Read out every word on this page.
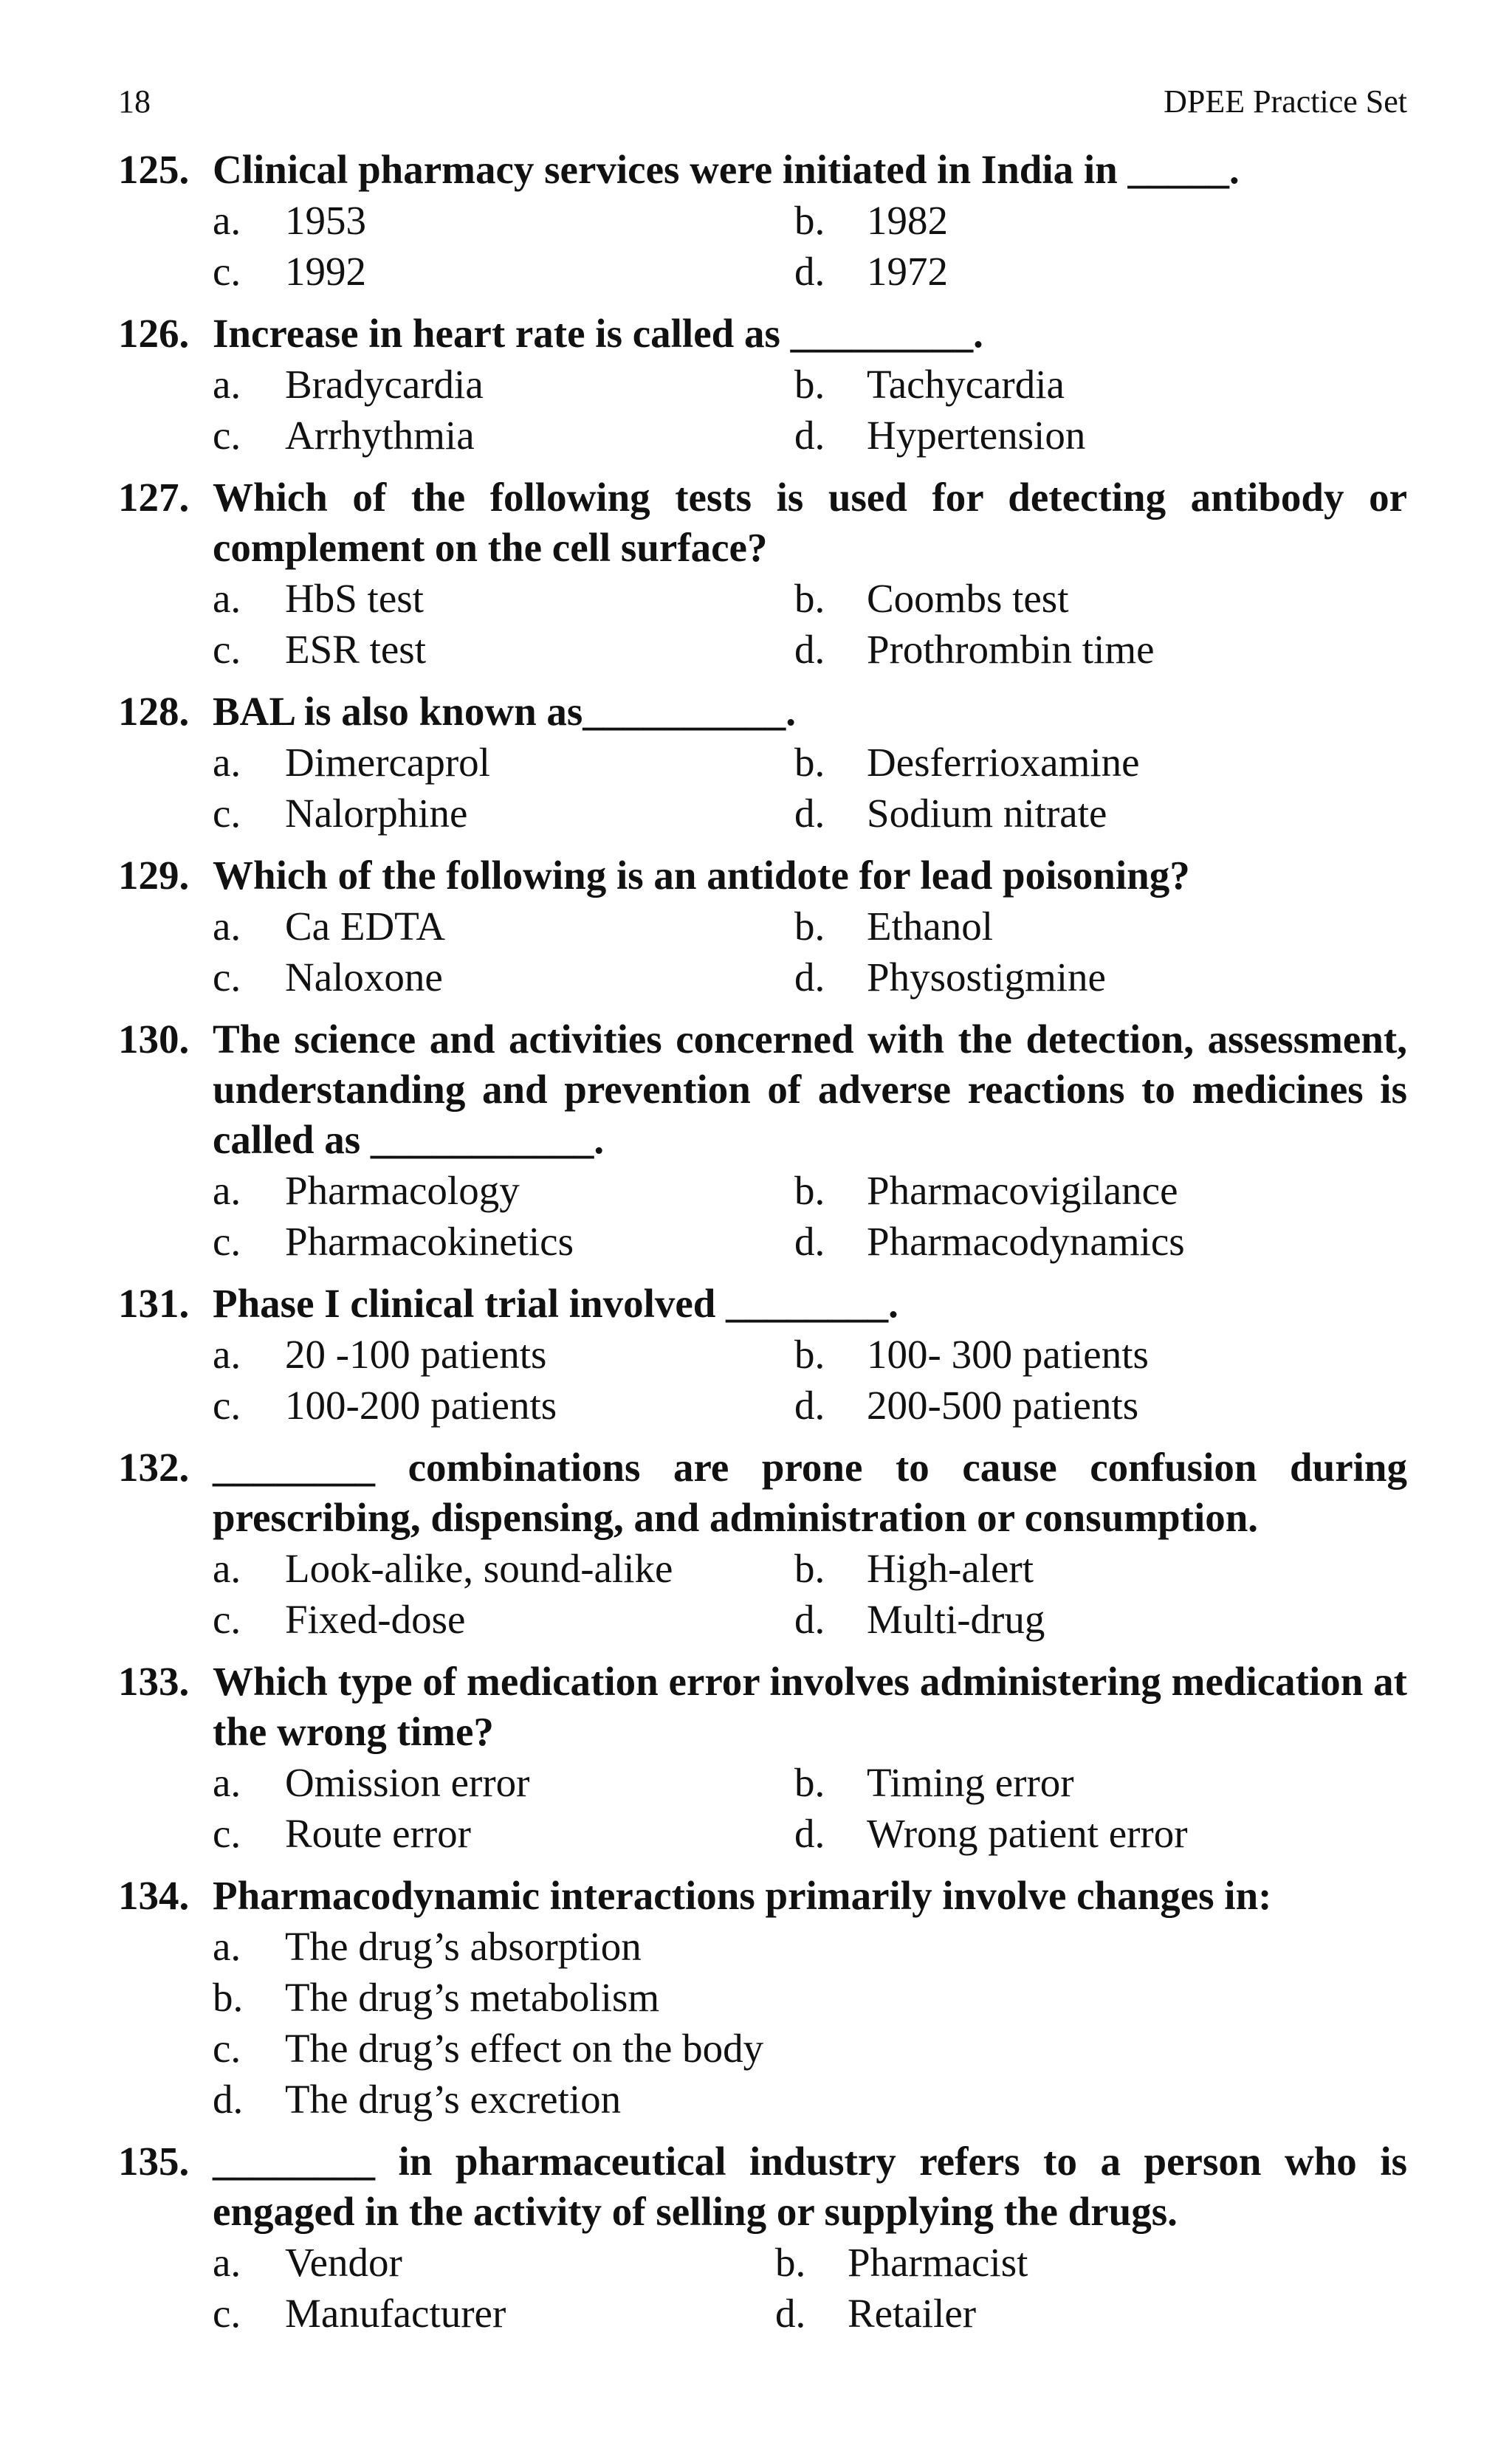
18	DPEE Practice Set
125. Clinical pharmacy services were initiated in India in _____.
a.	1953	b.	1982
c.	1992	d.	1972
126. Increase in heart rate is called as _________.
a.	Bradycardia	b.	Tachycardia
c.	Arrhythmia	d.	Hypertension
127. Which of the following tests is used for detecting antibody or complement on the cell surface?
a.	HbS test	b.	Coombs test
c.	ESR test	d.	Prothrombin time
128. BAL is also known as__________.
a.	Dimercaprol	b.	Desferrioxamine
c.	Nalorphine	d.	Sodium nitrate
129. Which of the following is an antidote for lead poisoning?
a.	Ca EDTA	b.	Ethanol
c.	Naloxone	d.	Physostigmine
130. The science and activities concerned with the detection, assessment, understanding and prevention of adverse reactions to medicines is called as ___________.
a.	Pharmacology	b.	Pharmacovigilance
c.	Pharmacokinetics	d.	Pharmacodynamics
131. Phase I clinical trial involved ________.
a.	20 -100 patients	b.	100- 300 patients
c.	100-200 patients	d.	200-500 patients
132. ________ combinations are prone to cause confusion during prescribing, dispensing, and administration or consumption.
a.	Look-alike, sound-alike	b.	High-alert
c.	Fixed-dose	d.	Multi-drug
133. Which type of medication error involves administering medication at the wrong time?
a.	Omission error	b.	Timing error
c.	Route error	d.	Wrong patient error
134. Pharmacodynamic interactions primarily involve changes in:
a.	The drug’s absorption
b.	The drug’s metabolism
c.	The drug’s effect on the body
d.	The drug’s excretion
135. ________ in pharmaceutical industry refers to a person who is engaged in the activity of selling or supplying the drugs.
a.	Vendor	b.	Pharmacist
c.	Manufacturer	d.	Retailer
